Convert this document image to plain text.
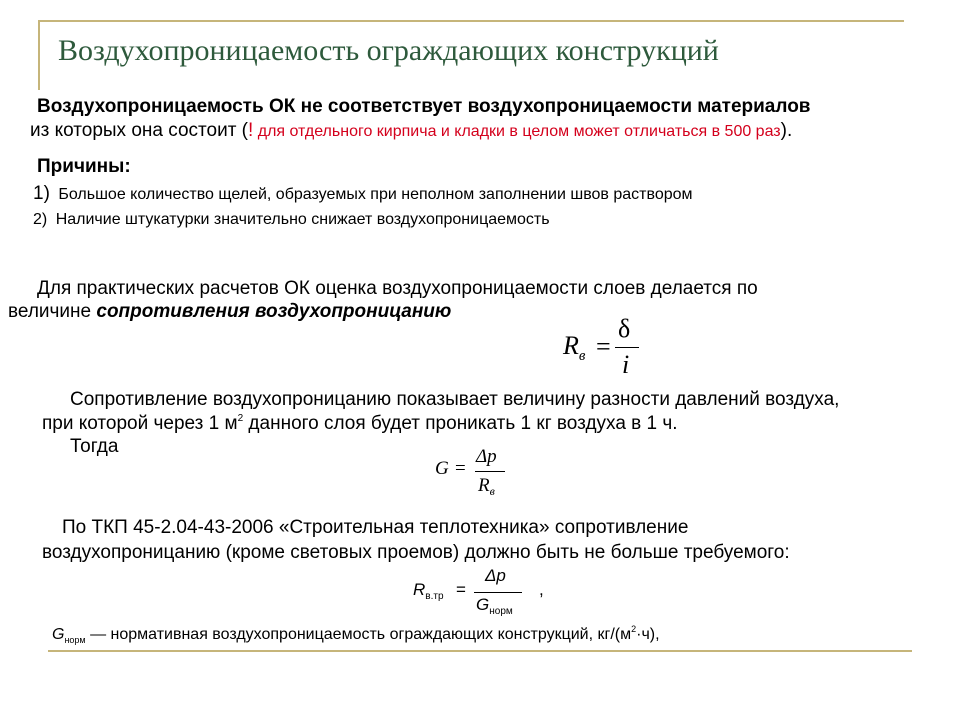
Воздухопроницаемость ограждающих конструкций
Воздухопроницаемость ОК не соответствует воздухопроницаемости материалов
из которых она состоит (! для отдельного кирпича и кладки в целом может отличаться в 500 раз).
Причины:
1) Большое количество щелей, образуемых при неполном заполнении швов раствором
2) Наличие штукатурки значительно снижает воздухопроницаемость
Для практических расчетов ОК оценка воздухопроницаемости слоев делается по
величине сопротивления воздухопроницанию
$R_в$ =
δ
i
Сопротивление воздухопроницанию показывает величину разности давлений воздуха,
при которой через 1 $м^2$ данного слоя будет проникать 1 кг воздуха в 1 ч.
Тогда
G =
Δp
$R_в$
По ТКП 45-2.04-43-2006 «Строительная теплотехника» сопротивление
воздухопроницанию (кроме световых проемов) должно быть не больше требуемого:
$R_{в.тр}$ =
Δp
$G_{норм}$
,
$G_{норм}$ — нормативная воздухопроницаемость ограждающих конструкций, $кг/(м^2\cdot ч)$,
